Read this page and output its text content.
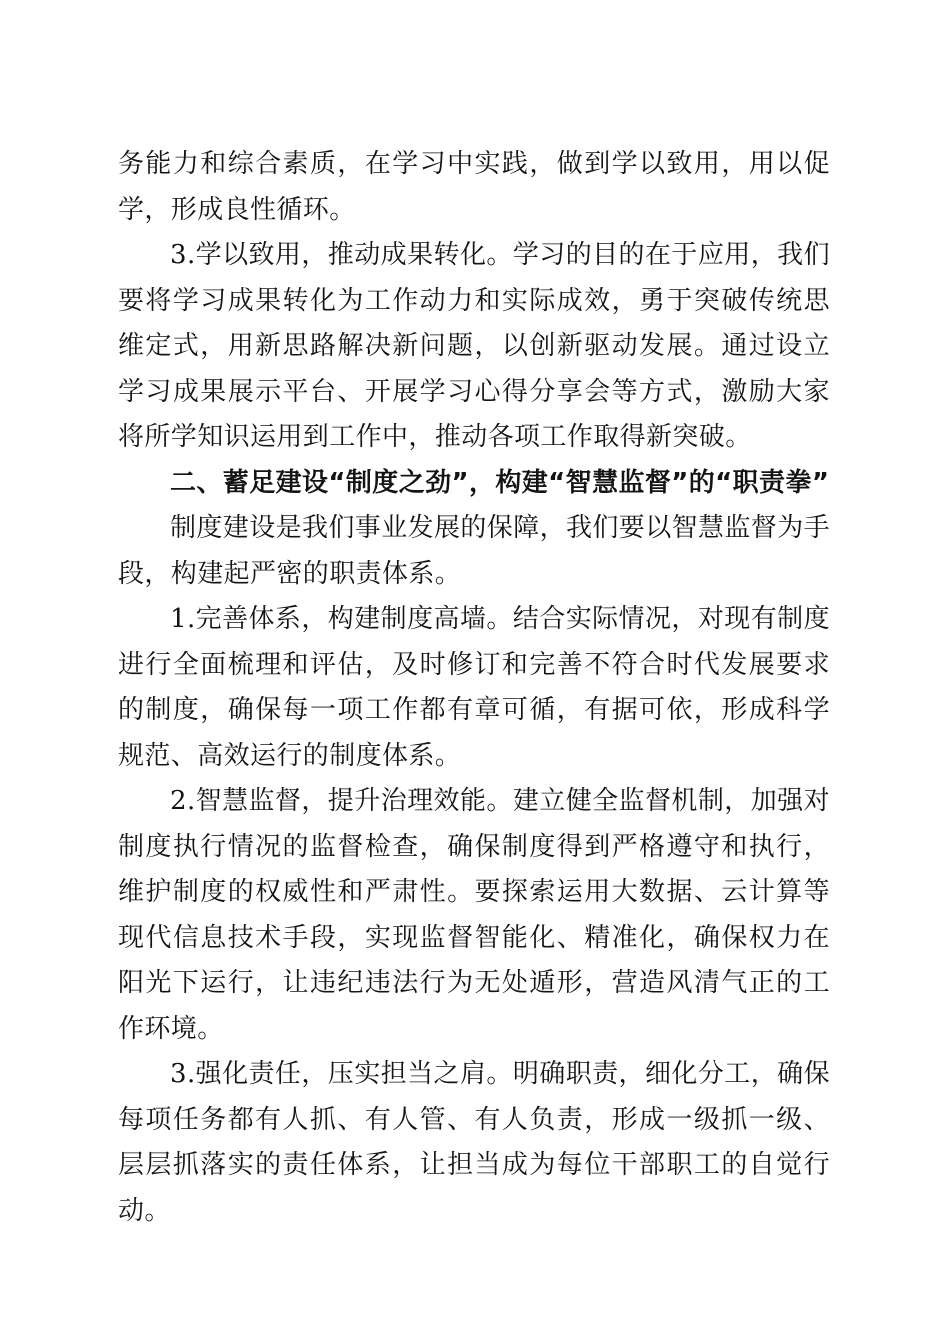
务能力和综合素质，在学习中实践，做到学以致用，用以促学，形成良性循环。

3.学以致用，推动成果转化。学习的目的在于应用，我们要将学习成果转化为工作动力和实际成效，勇于突破传统思维定式，用新思路解决新问题，以创新驱动发展。通过设立学习成果展示平台、开展学习心得分享会等方式，激励大家将所学知识运用到工作中，推动各项工作取得新突破。

二、蓄足建设“制度之劲”，构建“智慧监督”的“职责拳”

制度建设是我们事业发展的保障，我们要以智慧监督为手段，构建起严密的职责体系。

1.完善体系，构建制度高墙。结合实际情况，对现有制度进行全面梳理和评估，及时修订和完善不符合时代发展要求的制度，确保每一项工作都有章可循，有据可依，形成科学规范、高效运行的制度体系。

2.智慧监督，提升治理效能。建立健全监督机制，加强对制度执行情况的监督检查，确保制度得到严格遵守和执行，维护制度的权威性和严肃性。要探索运用大数据、云计算等现代信息技术手段，实现监督智能化、精准化，确保权力在阳光下运行，让违纪违法行为无处遁形，营造风清气正的工作环境。

3.强化责任，压实担当之肩。明确职责，细化分工，确保每项任务都有人抓、有人管、有人负责，形成一级抓一级、层层抓落实的责任体系，让担当成为每位干部职工的自觉行动。
